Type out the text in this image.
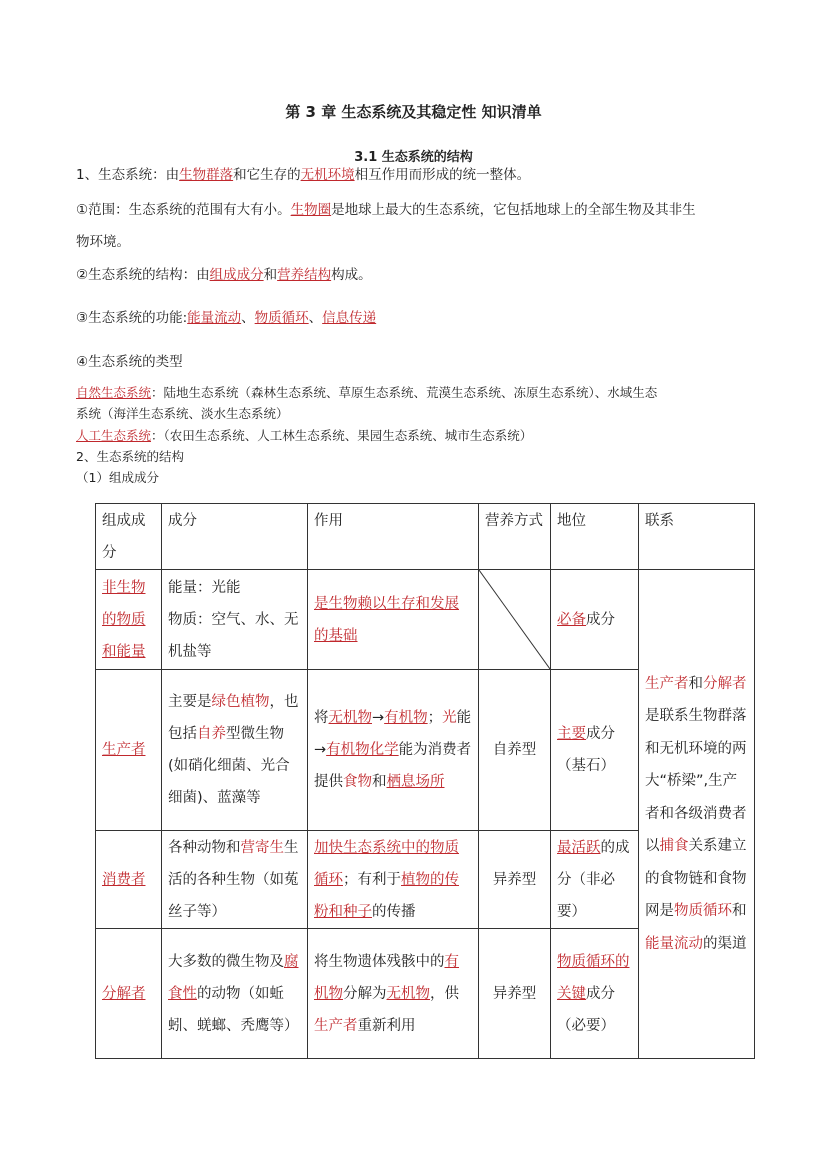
第 3 章 生态系统及其稳定性 知识清单
3.1 生态系统的结构
1、生态系统：由生物群落和它生存的无机环境相互作用而形成的统一整体。
①范围：生态系统的范围有大有小。生物圈是地球上最大的生态系统，它包括地球上的全部生物及其非生
物环境。
②生态系统的结构：由组成成分和营养结构构成。
③生态系统的功能:能量流动、物质循环、信息传递
④生态系统的类型
自然生态系统：陆地生态系统（森林生态系统、草原生态系统、荒漠生态系统、冻原生态系统）、水域生态
系统（海洋生态系统、淡水生态系统）
人工生态系统：（农田生态系统、人工林生态系统、果园生态系统、城市生态系统）
2、生态系统的结构
（1）组成成分
组成成分	成分	作用	营养方式	地位	联系
非生物的物质和能量	能量：光能
物质：空气、水、无机盐等	是生物赖以生存和发展的基础		必备成分	生产者和分解者是联系生物群落和无机环境的两大“桥梁”,生产者和各级消费者以捕食关系建立的食物链和食物网是物质循环和能量流动的渠道
生产者	主要是绿色植物，也包括自养型微生物(如硝化细菌、光合细菌)、蓝藻等	将无机物→有机物；光能→有机物化学能为消费者提供食物和栖息场所	自养型	主要成分
（基石）	

消费者	各种动物和营寄生生活的各种生物（如菟丝子等）	加快生态系统中的物质循环；有利于植物的传粉和种子的传播	异养型	最活跃的成分（非必要）	
分解者	大多数的微生物及腐食性的动物（如蚯蚓、蜣螂、秃鹰等）	将生物遗体残骸中的有机物分解为无机物，供生产者重新利用	异养型	物质循环的关键成分（必要）	
